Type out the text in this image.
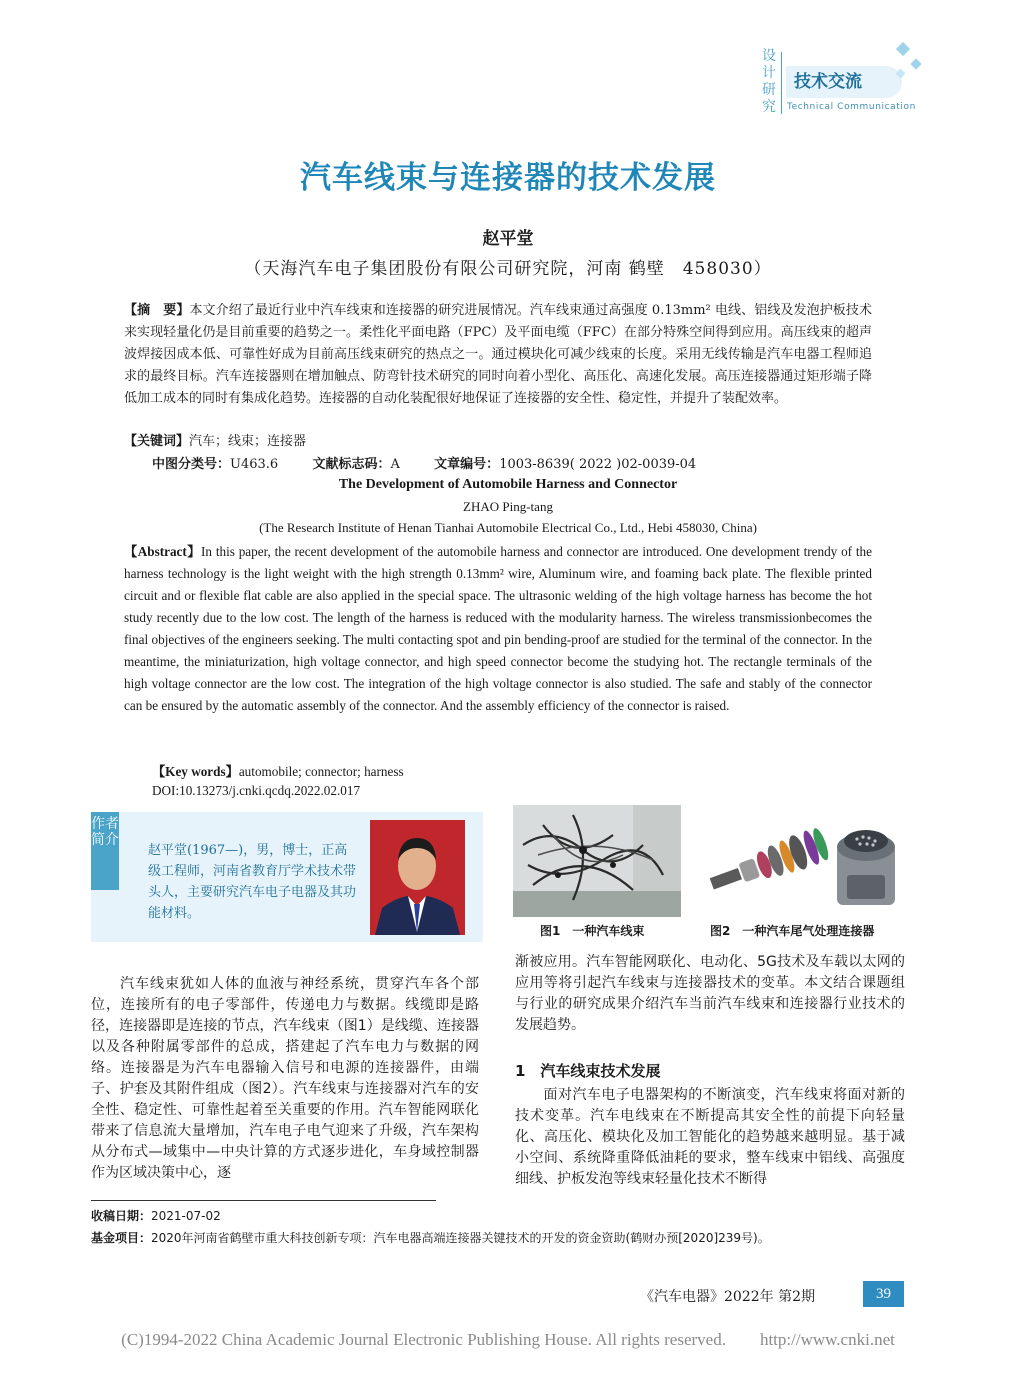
设计研究
技术交流
Technical Communication
汽车线束与连接器的技术发展
赵平堂
（天海汽车电子集团股份有限公司研究院，河南 鹤壁　458030）
【摘　要】本文介绍了最近行业中汽车线束和连接器的研究进展情况。汽车线束通过高强度 0.13mm² 电线、铝线及发泡护板技术来实现轻量化仍是目前重要的趋势之一。柔性化平面电路（FPC）及平面电缆（FFC）在部分特殊空间得到应用。高压线束的超声波焊接因成本低、可靠性好成为目前高压线束研究的热点之一。通过模块化可减少线束的长度。采用无线传输是汽车电器工程师追求的最终目标。汽车连接器则在增加触点、防弯针技术研究的同时向着小型化、高压化、高速化发展。高压连接器通过矩形端子降低加工成本的同时有集成化趋势。连接器的自动化装配很好地保证了连接器的安全性、稳定性，并提升了装配效率。
【关键词】汽车；线束；连接器
中图分类号：U463.6	文献标志码：A	文章编号：1003-8639( 2022 )02-0039-04
The Development of Automobile Harness and Connector
ZHAO Ping-tang
(The Research Institute of Henan Tianhai Automobile Electrical Co., Ltd., Hebi 458030, China)
【Abstract】In this paper, the recent development of the automobile harness and connector are introduced. One development trendy of the harness technology is the light weight with the high strength 0.13mm² wire, Aluminum wire, and foaming back plate. The flexible printed circuit and or flexible flat cable are also applied in the special space. The ultrasonic welding of the high voltage harness has become the hot study recently due to the low cost. The length of the harness is reduced with the modularity harness. The wireless transmissionbecomes the final objectives of the engineers seeking. The multi contacting spot and pin bending-proof are studied for the terminal of the connector. In the meantime, the miniaturization, high voltage connector, and high speed connector become the studying hot. The rectangle terminals of the high voltage connector are the low cost. The integration of the high voltage connector is also studied. The safe and stably of the connector can be ensured by the automatic assembly of the connector. And the assembly efficiency of the connector is raised.
【Key words】automobile; connector; harness
DOI:10.13273/j.cnki.qcdq.2022.02.017
作者简介
赵平堂(1967—)，男，博士，正高级工程师，河南省教育厅学术技术带头人，主要研究汽车电子电器及其功能材料。
图1　一种汽车线束	图2　一种汽车尾气处理连接器
汽车线束犹如人体的血液与神经系统，贯穿汽车各个部位，连接所有的电子零部件，传递电力与数据。线缆即是路径，连接器即是连接的节点，汽车线束（图1）是线缆、连接器以及各种附属零部件的总成，搭建起了汽车电力与数据的网络。连接器是为汽车电器输入信号和电源的连接器件，由端子、护套及其附件组成（图2）。汽车线束与连接器对汽车的安全性、稳定性、可靠性起着至关重要的作用。汽车智能网联化带来了信息流大量增加，汽车电子电气迎来了升级，汽车架构从分布式—域集中—中央计算的方式逐步进化，车身域控制器作为区域决策中心，逐
渐被应用。汽车智能网联化、电动化、5G技术及车载以太网的应用等将引起汽车线束与连接器技术的变革。本文结合课题组与行业的研究成果介绍汽车当前汽车线束和连接器行业技术的发展趋势。
1　汽车线束技术发展
面对汽车电子电器架构的不断演变，汽车线束将面对新的技术变革。汽车电线束在不断提高其安全性的前提下向轻量化、高压化、模块化及加工智能化的趋势越来越明显。基于减小空间、系统降重降低油耗的要求，整车线束中铝线、高强度细线、护板发泡等线束轻量化技术不断得
收稿日期：2021-07-02
基金项目：2020年河南省鹤壁市重大科技创新专项：汽车电器高端连接器关键技术的开发的资金资助(鹤财办预[2020]239号)。
《汽车电器》2022年 第2期	39
(C)1994-2022 China Academic Journal Electronic Publishing House. All rights reserved.　　http://www.cnki.net
